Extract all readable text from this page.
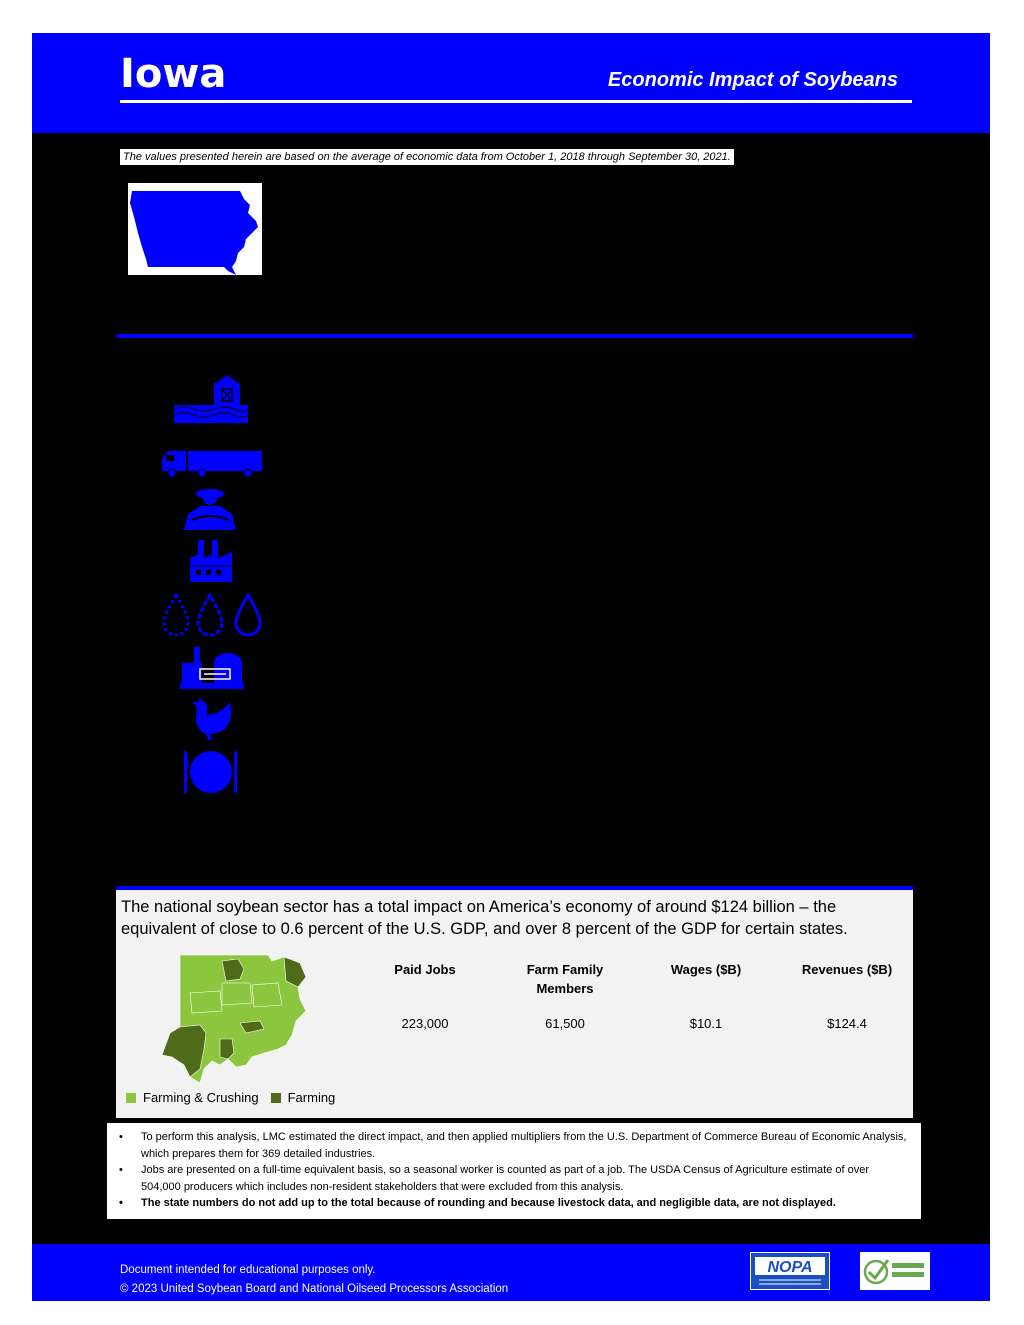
Iowa	Economic Impact of Soybeans
The values presented herein are based on the average of economic data from October 1, 2018 through September 30, 2021.
The national soybean sector has a total impact on America’s economy of around $124 billion – the equivalent of close to 0.6 percent of the U.S. GDP, and over 8 percent of the GDP for certain states.
Farming & Crushing Farming
Paid Jobs
223,000
Farm Family Members
61,500
Wages ($B)
$10.1
Revenues ($B)
$124.4
• To perform this analysis, LMC estimated the direct impact, and then applied multipliers from the U.S. Department of Commerce Bureau of Economic Analysis, which prepares them for 369 detailed industries.
• Jobs are presented on a full-time equivalent basis, so a seasonal worker is counted as part of a job. The USDA Census of Agriculture estimate of over 504,000 producers which includes non-resident stakeholders that were excluded from this analysis.
• The state numbers do not add up to the total because of rounding and because livestock data, and negligible data, are not displayed.
Document intended for educational purposes only.
© 2023 United Soybean Board and National Oilseed Processors Association
NOPA
